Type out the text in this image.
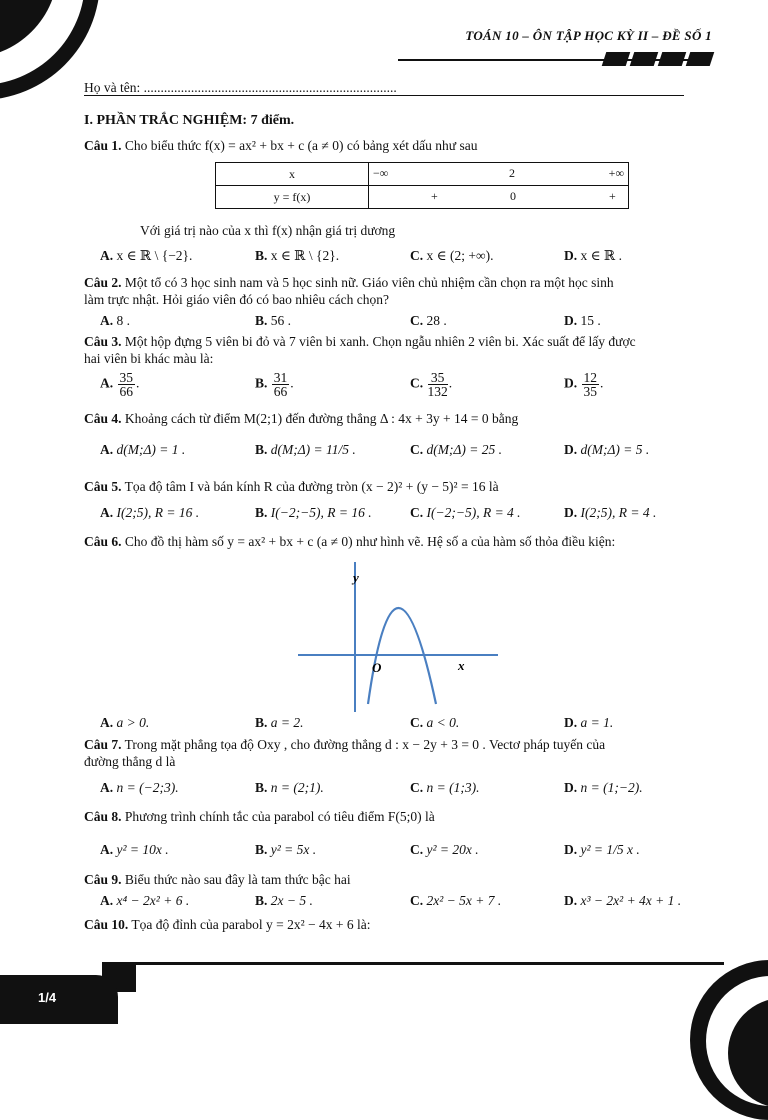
TOÁN 10 – ÔN TẬP HỌC KỲ II – ĐỀ SỐ 1
Họ và tên: ...........................................................................
I. PHẦN TRẮC NGHIỆM: 7 điểm.
Câu 1. Cho biểu thức f(x) = ax² + bx + c (a ≠ 0) có bảng xét dấu như sau
x	−∞ 2 +∞

y = f(x)	+ 0 +
Với giá trị nào của x thì f(x) nhận giá trị dương
A. x ∈ ℝ \ {−2}.	B. x ∈ ℝ \ {2}.	C. x ∈ (2; +∞).	D. x ∈ ℝ .
Câu 2. Một tổ có 3 học sinh nam và 5 học sinh nữ. Giáo viên chủ nhiệm cần chọn ra một học sinh
làm trực nhật. Hỏi giáo viên đó có bao nhiêu cách chọn?
A. 8 .	B. 56 .	C. 28 .	D. 15 .
Câu 3. Một hộp đựng 5 viên bi đỏ và 7 viên bi xanh. Chọn ngẫu nhiên 2 viên bi. Xác suất để lấy được
hai viên bi khác màu là:
A. $\frac{35}{66}$ .	B. $\frac{31}{66}$ .	C. $\frac{35}{132}$ .	D. $\frac{12}{35}$ .
Câu 4. Khoảng cách từ điểm M(2;1) đến đường thẳng Δ : 4x + 3y + 14 = 0 bằng
A. d(M;Δ) = 1 .	B. d(M;Δ) = 11/5 .	C. d(M;Δ) = 25 .	D. d(M;Δ) = 5 .
Câu 5. Tọa độ tâm I và bán kính R của đường tròn (x − 2)² + (y − 5)² = 16 là
A. I(2;5), R = 16 .	B. I(−2;−5), R = 16 .	C. I(−2;−5), R = 4 .	D. I(2;5), R = 4 .
Câu 6. Cho đồ thị hàm số y = ax² + bx + c (a ≠ 0) như hình vẽ. Hệ số a của hàm số thỏa điều kiện:
y
x
O
A. a > 0.	B. a = 2.	C. a < 0.	D. a = 1.
Câu 7. Trong mặt phẳng tọa độ Oxy , cho đường thẳng d : x − 2y + 3 = 0 . Vectơ pháp tuyến của
đường thẳng d là
A. n = (−2;3).	B. n = (2;1).	C. n = (1;3).	D. n = (1;−2).
Câu 8. Phương trình chính tắc của parabol có tiêu điểm F(5;0) là
A. y² = 10x .	B. y² = 5x .	C. y² = 20x .	D. y² = 1/5 x .
Câu 9. Biểu thức nào sau đây là tam thức bậc hai
A. x⁴ − 2x² + 6 .	B. 2x − 5 .	C. 2x² − 5x + 7 .	D. x³ − 2x² + 4x + 1 .
Câu 10. Tọa độ đỉnh của parabol y = 2x² − 4x + 6 là:
1/4
